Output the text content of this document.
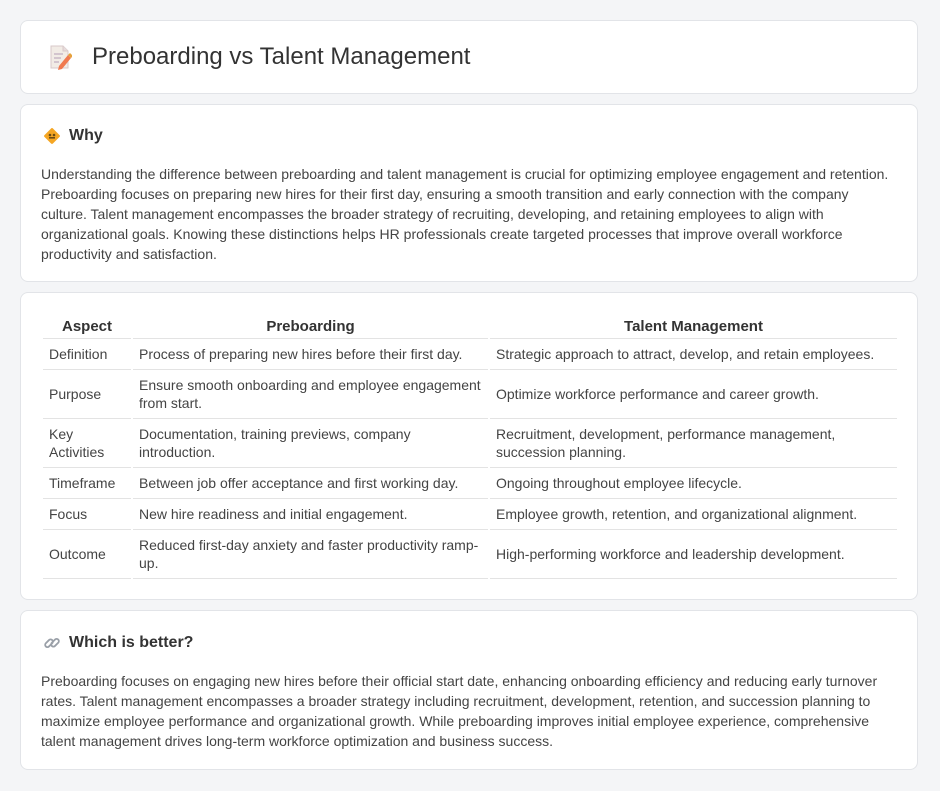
Preboarding vs Talent Management
Why

Understanding the difference between preboarding and talent management is crucial for optimizing employee engagement and retention. Preboarding focuses on preparing new hires for their first day, ensuring a smooth transition and early connection with the company culture. Talent management encompasses the broader strategy of recruiting, developing, and retaining employees to align with organizational goals. Knowing these distinctions helps HR professionals create targeted processes that improve overall workforce productivity and satisfaction.

Aspect	Preboarding	Talent Management
Definition	Process of preparing new hires before their first day.	Strategic approach to attract, develop, and retain employees.
Purpose	Ensure smooth onboarding and employee engagement from start.	Optimize workforce performance and career growth.
Key Activities	Documentation, training previews, company introduction.	Recruitment, development, performance management, succession planning.
Timeframe	Between job offer acceptance and first working day.	Ongoing throughout employee lifecycle.
Focus	New hire readiness and initial engagement.	Employee growth, retention, and organizational alignment.
Outcome	Reduced first-day anxiety and faster productivity ramp-up.	High-performing workforce and leadership development.
Which is better?

Preboarding focuses on engaging new hires before their official start date, enhancing onboarding efficiency and reducing early turnover rates. Talent management encompasses a broader strategy including recruitment, development, retention, and succession planning to maximize employee performance and organizational growth. While preboarding improves initial employee experience, comprehensive talent management drives long-term workforce optimization and business success.
